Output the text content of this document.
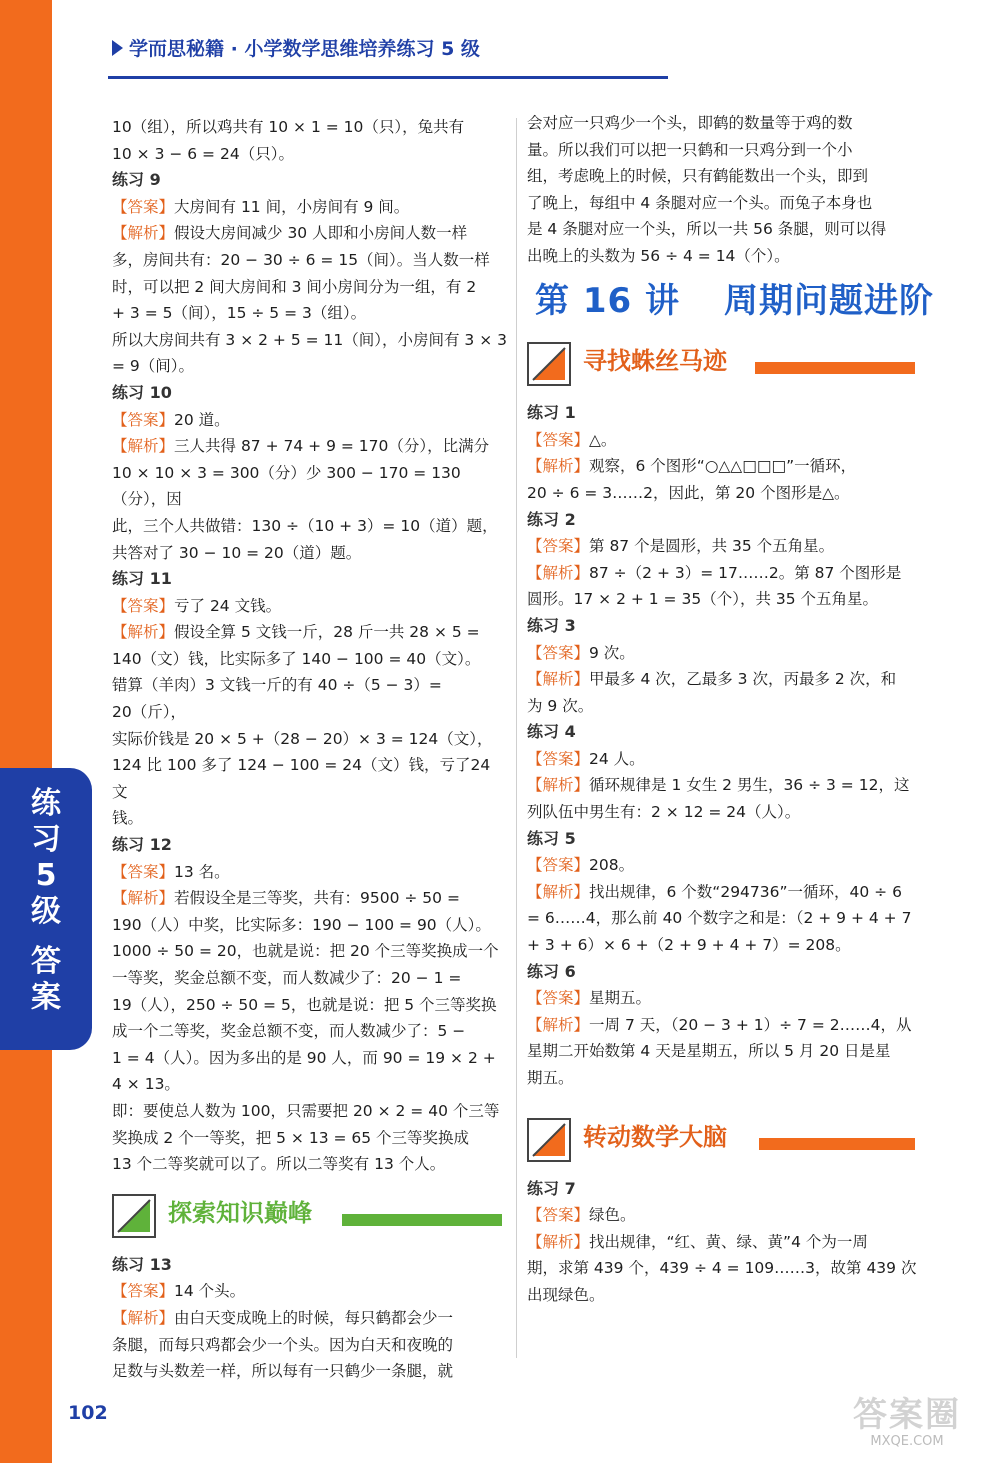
练
习
5
级
答
案
学而思秘籍 · 小学数学思维培养练习 5 级

10（组），所以鸡共有 10 × 1 = 10（只），兔共有

10 × 3 − 6 = 24（只）。

练习 9

【答案】大房间有 11 间，小房间有 9 间。

【解析】假设大房间减少 30 人即和小房间人数一样

多，房间共有：20 − 30 ÷ 6 = 15（间）。当人数一样

时，可以把 2 间大房间和 3 间小房间分为一组，有 2

+ 3 = 5（间），15 ÷ 5 = 3（组）。

所以大房间共有 3 × 2 + 5 = 11（间），小房间有 3 × 3

= 9（间）。

练习 10

【答案】20 道。

【解析】三人共得 87 + 74 + 9 = 170（分），比满分

10 × 10 × 3 = 300（分）少 300 − 170 = 130（分），因

此，三个人共做错：130 ÷（10 + 3）= 10（道）题，

共答对了 30 − 10 = 20（道）题。

练习 11

【答案】亏了 24 文钱。

【解析】假设全算 5 文钱一斤，28 斤一共 28 × 5 =

140（文）钱，比实际多了 140 − 100 = 40（文）。

错算（羊肉）3 文钱一斤的有 40 ÷（5 − 3）=

20（斤），

实际价钱是 20 × 5 +（28 − 20）× 3 = 124（文），

124 比 100 多了 124 − 100 = 24（文）钱，亏了24 文

钱。

练习 12

【答案】13 名。

【解析】若假设全是三等奖，共有：9500 ÷ 50 =

190（人）中奖，比实际多：190 − 100 = 90（人）。

1000 ÷ 50 = 20，也就是说：把 20 个三等奖换成一个

一等奖，奖金总额不变，而人数减少了：20 − 1 =

19（人），250 ÷ 50 = 5，也就是说：把 5 个三等奖换

成一个二等奖，奖金总额不变，而人数减少了：5 −

1 = 4（人）。因为多出的是 90 人，而 90 = 19 × 2 +

4 × 13。

即：要使总人数为 100，只需要把 20 × 2 = 40 个三等

奖换成 2 个一等奖，把 5 × 13 = 65 个三等奖换成

13 个二等奖就可以了。所以二等奖有 13 个人。

探索知识巅峰

练习 13

【答案】14 个头。

【解析】由白天变成晚上的时候，每只鹤都会少一

条腿，而每只鸡都会少一个头。因为白天和夜晚的

足数与头数差一样，所以每有一只鹤少一条腿，就

会对应一只鸡少一个头，即鹤的数量等于鸡的数

量。所以我们可以把一只鹤和一只鸡分到一个小

组，考虑晚上的时候，只有鹤能数出一个头，即到

了晚上，每组中 4 条腿对应一个头。而兔子本身也

是 4 条腿对应一个头，所以一共 56 条腿，则可以得

出晚上的头数为 56 ÷ 4 = 14（个）。

第 16 讲 周期问题进阶
寻找蛛丝马迹

练习 1

【答案】△。

【解析】观察，6 个图形“○△△□□□”一循环，

20 ÷ 6 = 3……2，因此，第 20 个图形是△。

练习 2

【答案】第 87 个是圆形，共 35 个五角星。

【解析】87 ÷（2 + 3）= 17……2。第 87 个图形是

圆形。17 × 2 + 1 = 35（个），共 35 个五角星。

练习 3

【答案】9 次。

【解析】甲最多 4 次，乙最多 3 次，丙最多 2 次，和

为 9 次。

练习 4

【答案】24 人。

【解析】循环规律是 1 女生 2 男生，36 ÷ 3 = 12，这

列队伍中男生有：2 × 12 = 24（人）。

练习 5

【答案】208。

【解析】找出规律，6 个数“294736”一循环，40 ÷ 6

= 6……4，那么前 40 个数字之和是：（2 + 9 + 4 + 7

+ 3 + 6）× 6 +（2 + 9 + 4 + 7）= 208。

练习 6

【答案】星期五。

【解析】一周 7 天，（20 − 3 + 1）÷ 7 = 2……4，从

星期二开始数第 4 天是星期五，所以 5 月 20 日是星

期五。

转动数学大脑

练习 7

【答案】绿色。

【解析】找出规律，“红、黄、绿、黄”4 个为一周

期，求第 439 个，439 ÷ 4 = 109……3，故第 439 次

出现绿色。

102	答案圈
MXQE.COM
